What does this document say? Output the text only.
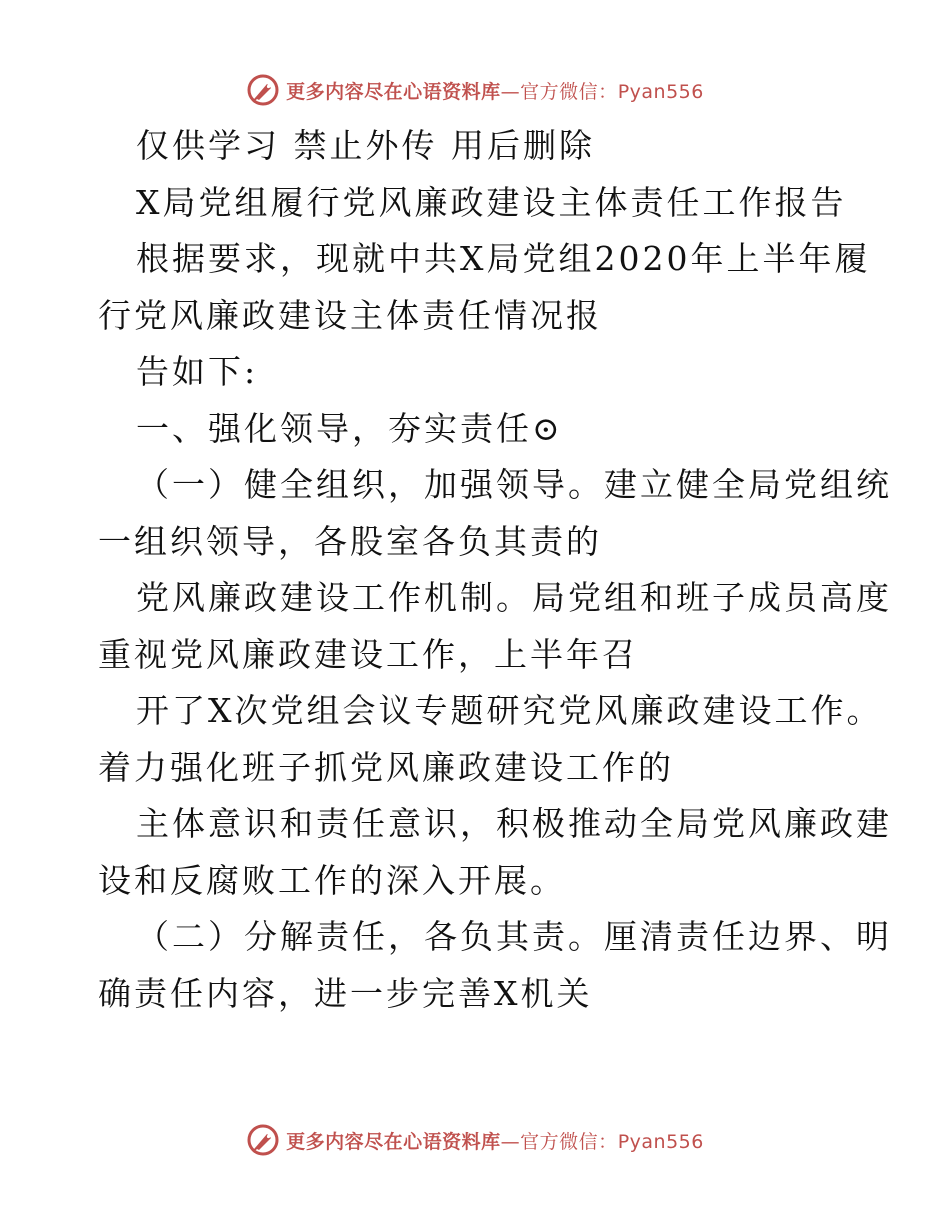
更多内容尽在心语资料库—官方微信：Pyan556
仅供学习 禁止外传 用后删除
X局党组履行党风廉政建设主体责任工作报告
根据要求，现就中共X局党组2020年上半年履
行党风廉政建设主体责任情况报
告如下:
一、强化领导，夯实责任⊙
（一）健全组织，加强领导。建立健全局党组统
一组织领导，各股室各负其责的
党风廉政建设工作机制。局党组和班子成员高度
重视党风廉政建设工作，上半年召
开了X次党组会议专题研究党风廉政建设工作。
着力强化班子抓党风廉政建设工作的
主体意识和责任意识，积极推动全局党风廉政建
设和反腐败工作的深入开展。
（二）分解责任，各负其责。厘清责任边界、明
确责任内容，进一步完善X机关
更多内容尽在心语资料库—官方微信：Pyan556
